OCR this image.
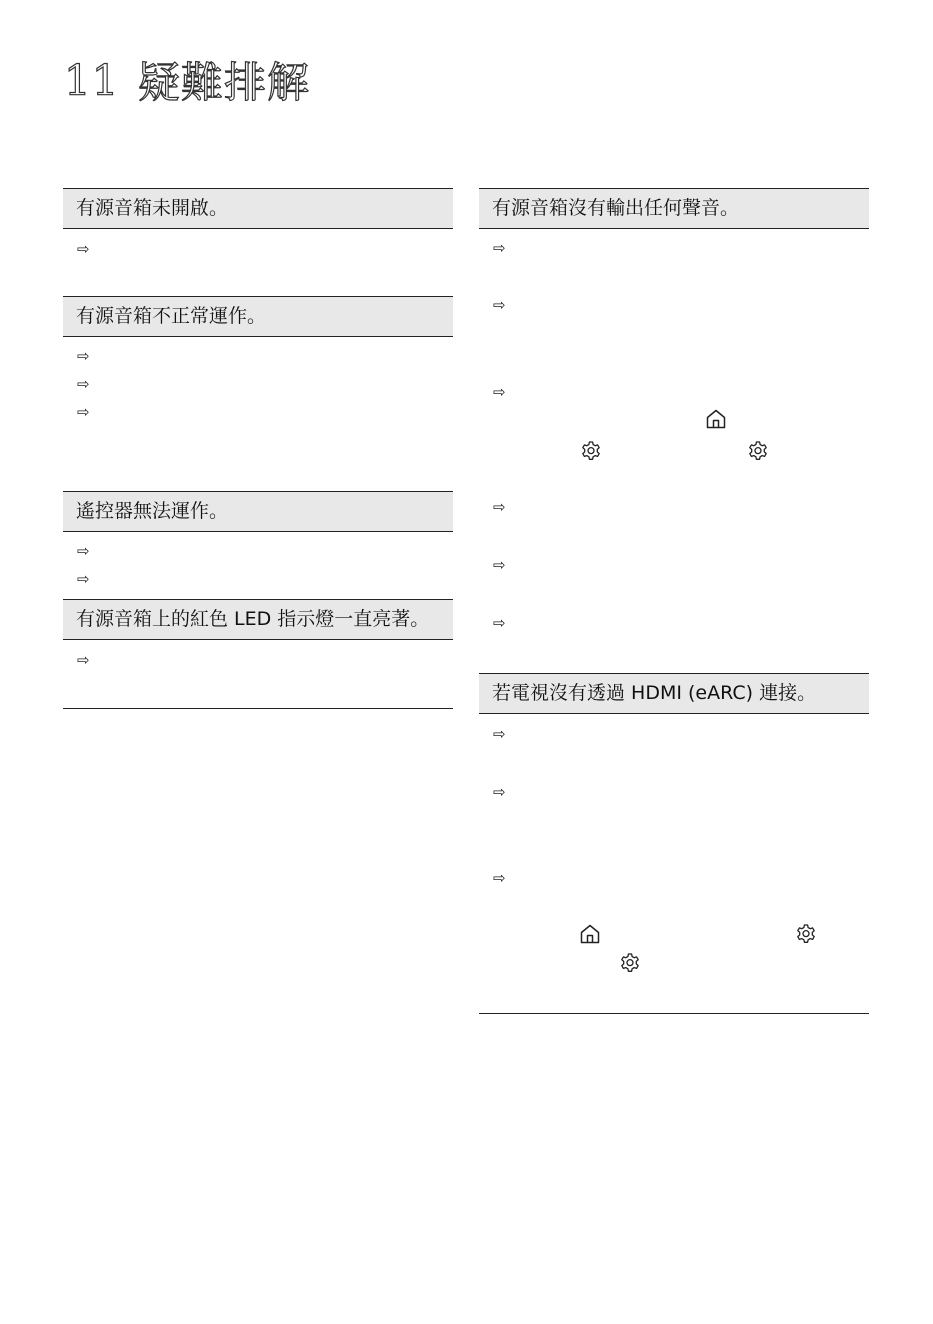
11 疑難排解
有源音箱未開啟。
⇨
有源音箱不正常運作。
⇨
⇨
⇨
遙控器無法運作。
⇨
⇨
有源音箱上的紅色 LED 指示燈一直亮著。
⇨
有源音箱沒有輸出任何聲音。
⇨
⇨
⇨
⇨
⇨
⇨
若電視沒有透過 HDMI (eARC) 連接。
⇨
⇨
⇨
